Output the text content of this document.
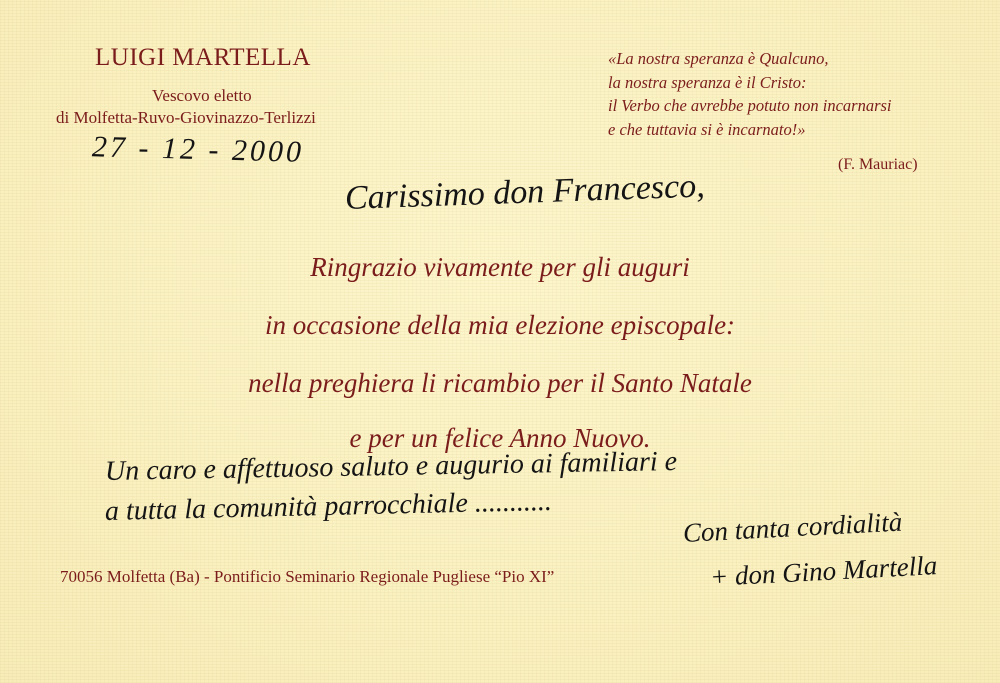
LUIGI MARTELLA
Vescovo eletto
di Molfetta-Ruvo-Giovinazzo-Terlizzi
27 - 12 - 2000
«La nostra speranza è Qualcuno,
la nostra speranza è il Cristo:
il Verbo che avrebbe potuto non incarnarsi
e che tuttavia si è incarnato!»
(F. Mauriac)
Carissimo don Francesco,
Ringrazio vivamente per gli auguri
in occasione della mia elezione episcopale:
nella preghiera li ricambio per il Santo Natale
e per un felice Anno Nuovo.
Un caro e affettuoso saluto e augurio ai familiari e
a tutta la comunità parrocchiale ...........
Con tanta cordialità
+ don Gino Martella
70056 Molfetta (Ba) - Pontificio Seminario Regionale Pugliese “Pio XI”
